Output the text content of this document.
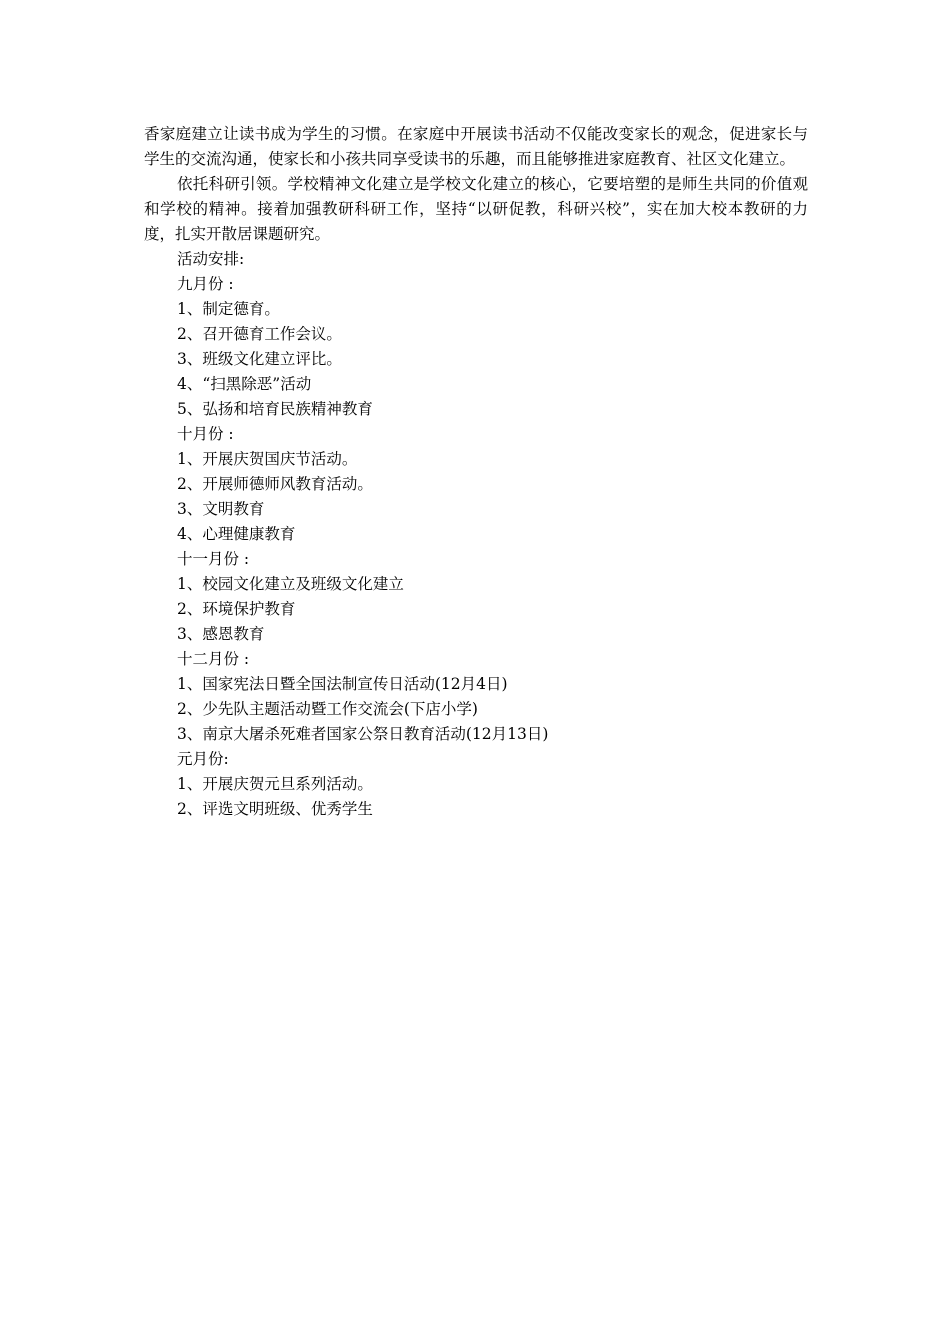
香家庭建立让读书成为学生的习惯。在家庭中开展读书活动不仅能改变家长的观念，促进家长与学生的交流沟通，使家长和小孩共同享受读书的乐趣，而且能够推进家庭教育、社区文化建立。

依托科研引领。学校精神文化建立是学校文化建立的核心，它要培塑的是师生共同的价值观和学校的精神。接着加强教研科研工作，坚持“以研促教，科研兴校”，实在加大校本教研的力度，扎实开散居课题研究。

活动安排:

九月份 :

1、制定德育。

2、召开德育工作会议。

3、班级文化建立评比。

4、“扫黑除恶”活动

5、弘扬和培育民族精神教育

十月份 :

1、开展庆贺国庆节活动。

2、开展师德师风教育活动。

3、文明教育

4、心理健康教育

十一月份 :

1、校园文化建立及班级文化建立

2、环境保护教育

3、感恩教育

十二月份 :

1、国家宪法日暨全国法制宣传日活动(12月4日)

2、少先队主题活动暨工作交流会(下店小学)

3、南京大屠杀死难者国家公祭日教育活动(12月13日)

元月份:

1、开展庆贺元旦系列活动。

2、评选文明班级、优秀学生
